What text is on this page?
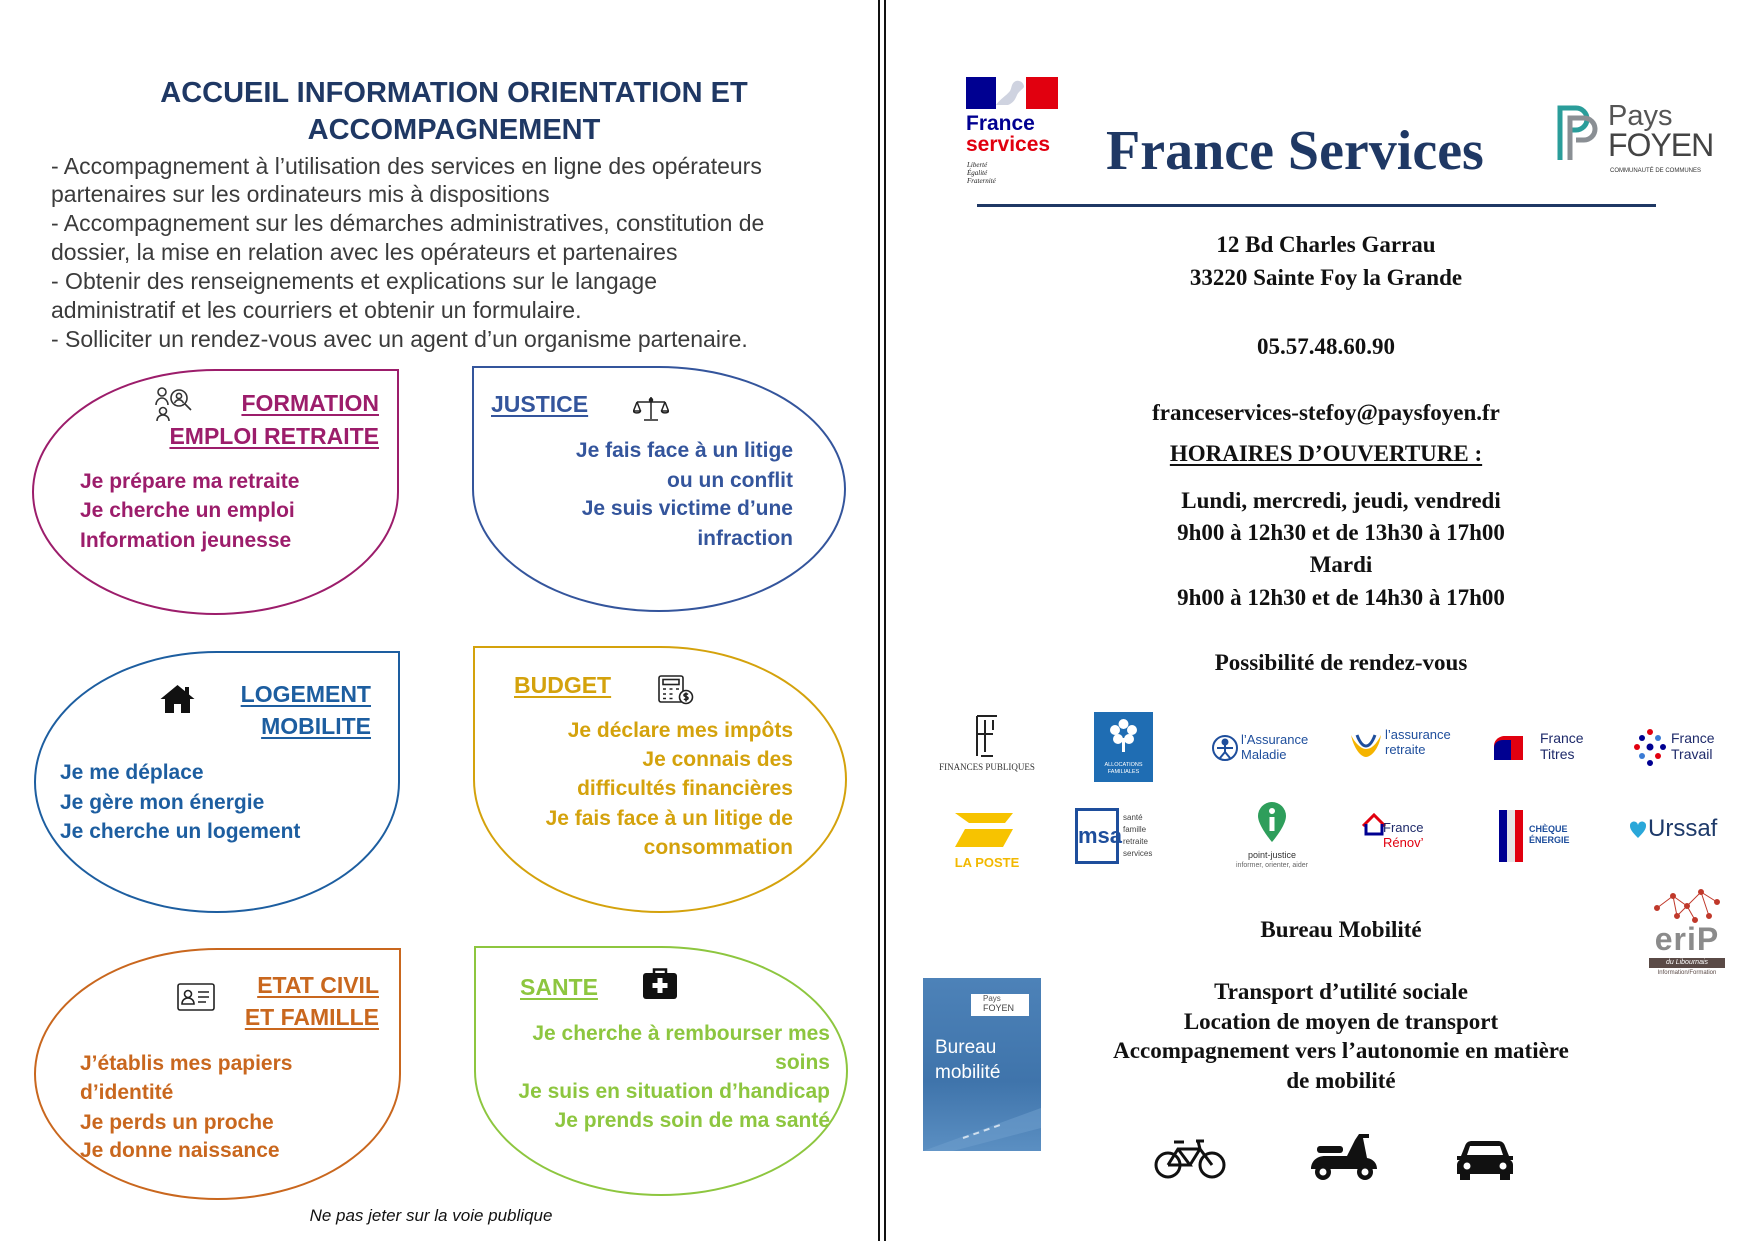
ACCUEIL INFORMATION ORIENTATION ET
ACCOMPAGNEMENT
- Accompagnement à l’utilisation des services en ligne des opérateurs
partenaires sur les ordinateurs mis à dispositions
- Accompagnement sur les démarches administratives, constitution de
dossier, la mise en relation avec les opérateurs et partenaires
- Obtenir des renseignements et explications sur le langage
administratif et les courriers et obtenir un formulaire.
- Solliciter un rendez-vous avec un agent d’un organisme partenaire.
FORMATION
EMPLOI RETRAITE
Je prépare ma retraite
Je cherche un emploi
Information jeunesse
JUSTICE
Je fais face à un litige
ou un conflit
Je suis victime d’une
infraction
LOGEMENT
MOBILITE
Je me déplace
Je gère mon énergie
Je cherche un logement
BUDGET
Je déclare mes impôts
Je connais des
difficultés financières
Je fais face à un litige de
consommation
ETAT CIVIL
ET FAMILLE
J’établis mes papiers
d’identité
Je perds un proche
Je donne naissance
SANTE
Je cherche à rembourser mes
soins
Je suis en situation d’handicap
Je prends soin de ma santé
Ne pas jeter sur la voie publique
France
services
Liberté
Égalité
Fraternité France Services
Pays
FOYEN
COMMUNAUTÉ DE COMMUNES
12 Bd Charles Garrau
33220 Sainte Foy la Grande
05.57.48.60.90
franceservices-stefoy@paysfoyen.fr
HORAIRES D’OUVERTURE :
Lundi, mercredi, jeudi, vendredi
9h00 à 12h30 et de 13h30 à 17h00
Mardi
9h00 à 12h30 et de 14h30 à 17h00
Possibilité de rendez-vous
FINANCES PUBLIQUES	ALLOCATIONS
FAMILIALES
l’Assurance
Maladie
l’assurance
retraite
France
Titres
France
Travail
LA POSTE
msa
santé
famille
retraite
services	point-justice
informer, orienter, aider
France
Rénov’
CHÈQUE
ÉNERGIE	Urssaf
eriP
du Libournais
Information/Formation
Bureau Mobilité
Pays
FOYEN
Bureau
mobilité
Transport d’utilité sociale
Location de moyen de transport
Accompagnement vers l’autonomie en matière
de mobilité
